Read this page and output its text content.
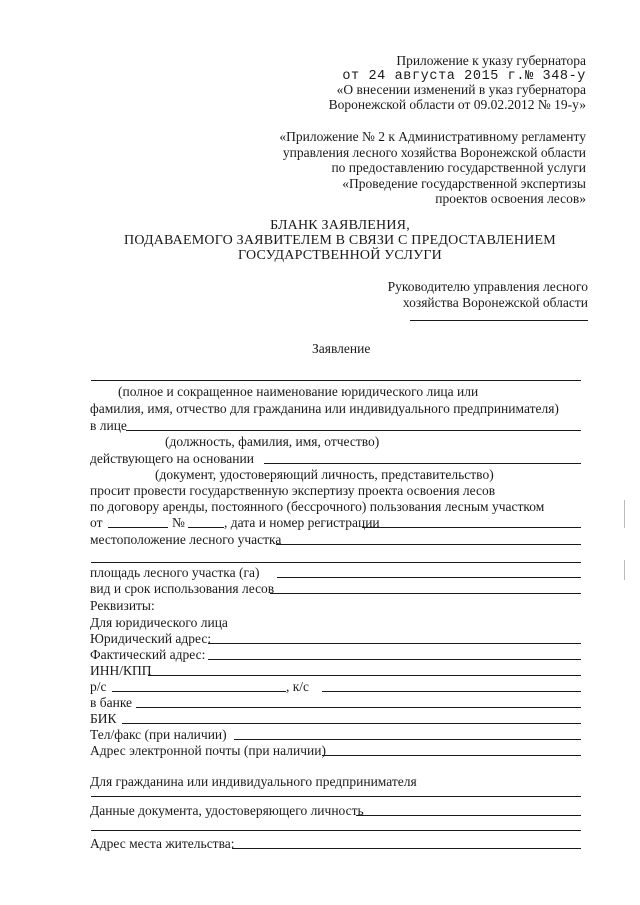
Приложение к указу губернатора
от 24 августа 2015 г.№ 348-у
«О внесении изменений в указ губернатора
Воронежской области от 09.02.2012 № 19-у»
«Приложение № 2 к Административному регламенту
управления лесного хозяйства Воронежской области
по предоставлению государственной услуги
«Проведение государственной экспертизы
проектов освоения лесов»
БЛАНК ЗАЯВЛЕНИЯ,
ПОДАВАЕМОГО ЗАЯВИТЕЛЕМ В СВЯЗИ С ПРЕДОСТАВЛЕНИЕМ
ГОСУДАРСТВЕННОЙ УСЛУГИ
Руководителю управления лесного
хозяйства Воронежской области
Заявление
(полное и сокращенное наименование юридического лица или
фамилия, имя, отчество для гражданина или индивидуального предпринимателя)
в лице
(должность, фамилия, имя, отчество)
действующего на основании
(документ, удостоверяющий личность, представительство)
просит провести государственную экспертизу проекта освоения лесов
по договору аренды, постоянного (бессрочного) пользования лесным участком
от	№	, дата и номер регистрации
местоположение лесного участка
площадь лесного участка (га)
вид и срок использования лесов
Реквизиты:
Для юридического лица
Юридический адрес:
Фактический адрес:
ИНН/КПП
р/с	, к/с
в банке
БИК
Тел/факс (при наличии)
Адрес электронной почты (при наличии)
Для гражданина или индивидуального предпринимателя
Данные документа, удостоверяющего личность
Адрес места жительства:
